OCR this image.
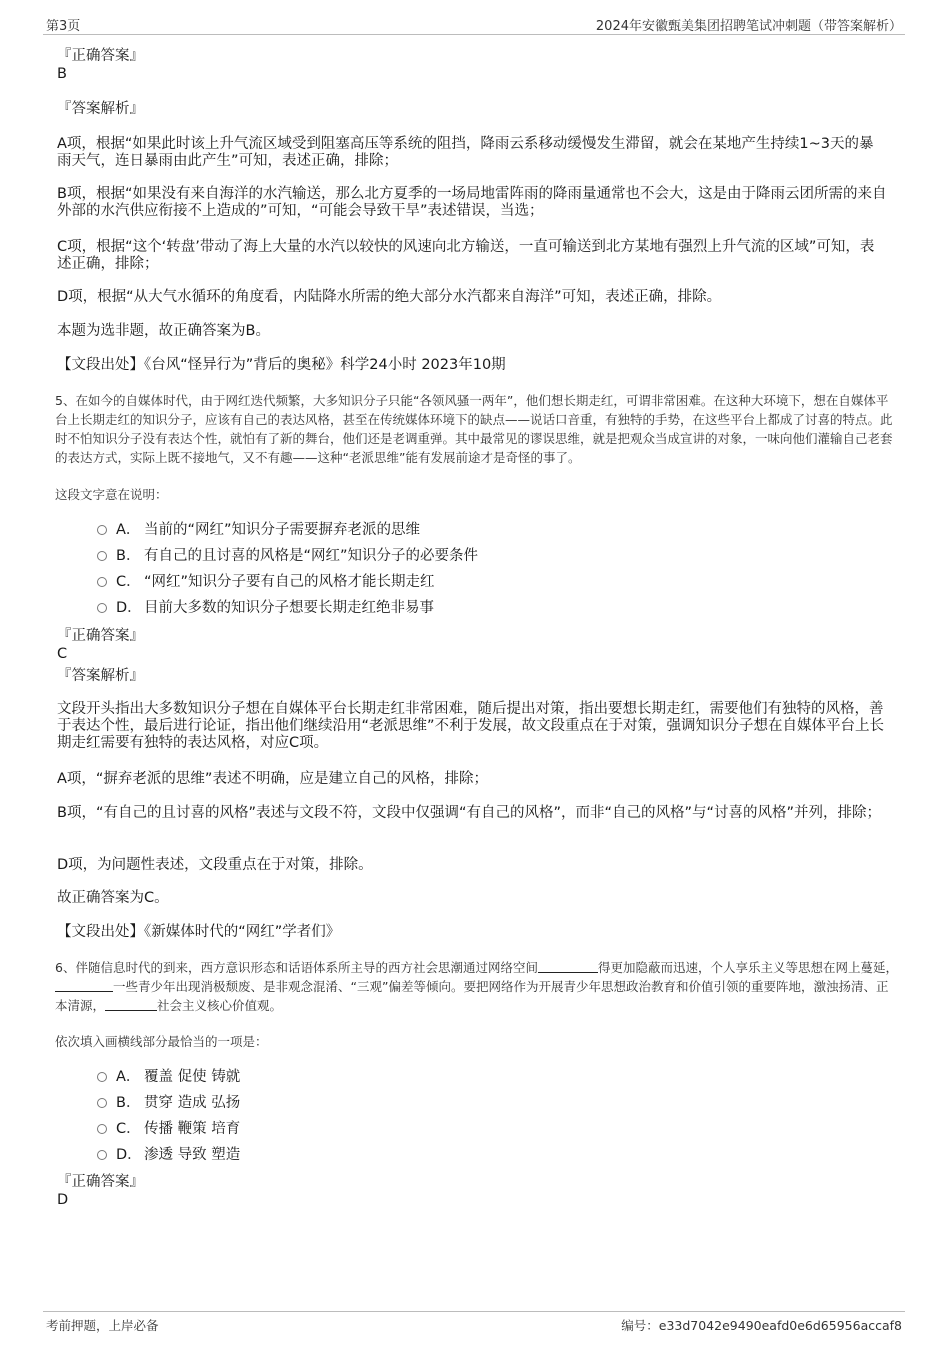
第3页	2024年安徽甄美集团招聘笔试冲刺题（带答案解析）
『正确答案』
B
『答案解析』
A项，根据“如果此时该上升气流区域受到阻塞高压等系统的阻挡，降雨云系移动缓慢发生滞留，就会在某地产生持续1~3天的暴雨天气，连日暴雨由此产生”可知，表述正确，排除；
B项，根据“如果没有来自海洋的水汽输送，那么北方夏季的一场局地雷阵雨的降雨量通常也不会大，这是由于降雨云团所需的来自外部的水汽供应衔接不上造成的”可知，“可能会导致干旱”表述错误，当选；
C项，根据“这个‘转盘’带动了海上大量的水汽以较快的风速向北方输送，一直可输送到北方某地有强烈上升气流的区域”可知，表述正确，排除；
D项，根据“从大气水循环的角度看，内陆降水所需的绝大部分水汽都来自海洋”可知，表述正确，排除。
本题为选非题，故正确答案为B。
【文段出处】《台风“怪异行为”背后的奥秘》科学24小时 2023年10期
5、在如今的自媒体时代，由于网红迭代频繁，大多知识分子只能“各领风骚一两年”，他们想长期走红，可谓非常困难。在这种大环境下，想在自媒体平台上长期走红的知识分子，应该有自己的表达风格，甚至在传统媒体环境下的缺点——说话口音重，有独特的手势，在这些平台上都成了讨喜的特点。此时不怕知识分子没有表达个性，就怕有了新的舞台，他们还是老调重弹。其中最常见的谬误思维，就是把观众当成宣讲的对象，一味向他们灌输自己老套的表达方式，实际上既不接地气，又不有趣——这种“老派思维”能有发展前途才是奇怪的事了。
这段文字意在说明：
A． 当前的“网红”知识分子需要摒弃老派的思维
B． 有自己的且讨喜的风格是“网红”知识分子的必要条件
C． “网红”知识分子要有自己的风格才能长期走红
D． 目前大多数的知识分子想要长期走红绝非易事
『正确答案』
C
『答案解析』
文段开头指出大多数知识分子想在自媒体平台长期走红非常困难，随后提出对策，指出要想长期走红，需要他们有独特的风格，善于表达个性，最后进行论证，指出他们继续沿用“老派思维”不利于发展，故文段重点在于对策，强调知识分子想在自媒体平台上长期走红需要有独特的表达风格，对应C项。
A项，“摒弃老派的思维”表述不明确，应是建立自己的风格，排除；
B项，“有自己的且讨喜的风格”表述与文段不符，文段中仅强调“有自己的风格”，而非“自己的风格”与“讨喜的风格”并列，排除；
D项，为问题性表述，文段重点在于对策，排除。
故正确答案为C。
【文段出处】《新媒体时代的“网红”学者们》
6、伴随信息时代的到来，西方意识形态和话语体系所主导的西方社会思潮通过网络空间	得更加隐蔽而迅速，个人享乐主义等思想在网上蔓延，一些青少年出现消极颓废、是非观念混淆、“三观”偏差等倾向。要把网络作为开展青少年思想政治教育和价值引领的重要阵地，激浊扬清、正本清源，	社会主义核心价值观。
依次填入画横线部分最恰当的一项是：
A． 覆盖 促使 铸就
B． 贯穿 造成 弘扬
C． 传播 鞭策 培育
D． 渗透 导致 塑造
『正确答案』
D
考前押题，上岸必备	编号：e33d7042e9490eafd0e6d65956accaf8
